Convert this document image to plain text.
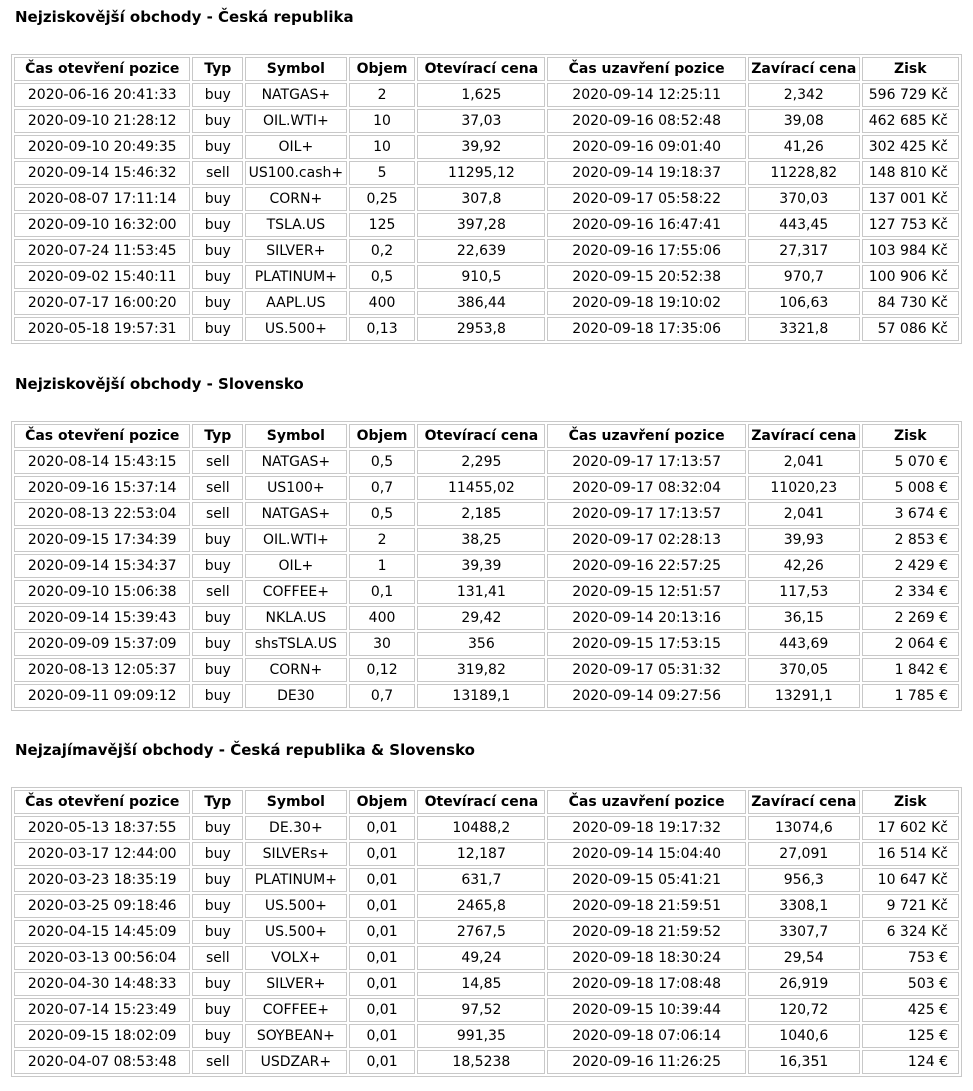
Nejziskovější obchody - Česká republika
Čas otevření pozice	Typ	Symbol	Objem	Otevírací cena	Čas uzavření pozice	Zavírací cena	Zisk
2020-06-16 20:41:33	buy	NATGAS+	2	1,625	2020-09-14 12:25:11	2,342	596 729 Kč
2020-09-10 21:28:12	buy	OIL.WTI+	10	37,03	2020-09-16 08:52:48	39,08	462 685 Kč
2020-09-10 20:49:35	buy	OIL+	10	39,92	2020-09-16 09:01:40	41,26	302 425 Kč
2020-09-14 15:46:32	sell	US100.cash+	5	11295,12	2020-09-14 19:18:37	11228,82	148 810 Kč
2020-08-07 17:11:14	buy	CORN+	0,25	307,8	2020-09-17 05:58:22	370,03	137 001 Kč
2020-09-10 16:32:00	buy	TSLA.US	125	397,28	2020-09-16 16:47:41	443,45	127 753 Kč
2020-07-24 11:53:45	buy	SILVER+	0,2	22,639	2020-09-16 17:55:06	27,317	103 984 Kč
2020-09-02 15:40:11	buy	PLATINUM+	0,5	910,5	2020-09-15 20:52:38	970,7	100 906 Kč
2020-07-17 16:00:20	buy	AAPL.US	400	386,44	2020-09-18 19:10:02	106,63	84 730 Kč
2020-05-18 19:57:31	buy	US.500+	0,13	2953,8	2020-09-18 17:35:06	3321,8	57 086 Kč
Nejziskovější obchody - Slovensko
Čas otevření pozice	Typ	Symbol	Objem	Otevírací cena	Čas uzavření pozice	Zavírací cena	Zisk
2020-08-14 15:43:15	sell	NATGAS+	0,5	2,295	2020-09-17 17:13:57	2,041	5 070 €
2020-09-16 15:37:14	sell	US100+	0,7	11455,02	2020-09-17 08:32:04	11020,23	5 008 €
2020-08-13 22:53:04	sell	NATGAS+	0,5	2,185	2020-09-17 17:13:57	2,041	3 674 €
2020-09-15 17:34:39	buy	OIL.WTI+	2	38,25	2020-09-17 02:28:13	39,93	2 853 €
2020-09-14 15:34:37	buy	OIL+	1	39,39	2020-09-16 22:57:25	42,26	2 429 €
2020-09-10 15:06:38	sell	COFFEE+	0,1	131,41	2020-09-15 12:51:57	117,53	2 334 €
2020-09-14 15:39:43	buy	NKLA.US	400	29,42	2020-09-14 20:13:16	36,15	2 269 €
2020-09-09 15:37:09	buy	shsTSLA.US	30	356	2020-09-15 17:53:15	443,69	2 064 €
2020-08-13 12:05:37	buy	CORN+	0,12	319,82	2020-09-17 05:31:32	370,05	1 842 €
2020-09-11 09:09:12	buy	DE30	0,7	13189,1	2020-09-14 09:27:56	13291,1	1 785 €
Nejzajímavější obchody - Česká republika & Slovensko
Čas otevření pozice	Typ	Symbol	Objem	Otevírací cena	Čas uzavření pozice	Zavírací cena	Zisk
2020-05-13 18:37:55	buy	DE.30+	0,01	10488,2	2020-09-18 19:17:32	13074,6	17 602 Kč
2020-03-17 12:44:00	buy	SILVERs+	0,01	12,187	2020-09-14 15:04:40	27,091	16 514 Kč
2020-03-23 18:35:19	buy	PLATINUM+	0,01	631,7	2020-09-15 05:41:21	956,3	10 647 Kč
2020-03-25 09:18:46	buy	US.500+	0,01	2465,8	2020-09-18 21:59:51	3308,1	9 721 Kč
2020-04-15 14:45:09	buy	US.500+	0,01	2767,5	2020-09-18 21:59:52	3307,7	6 324 Kč
2020-03-13 00:56:04	sell	VOLX+	0,01	49,24	2020-09-18 18:30:24	29,54	753 €
2020-04-30 14:48:33	buy	SILVER+	0,01	14,85	2020-09-18 17:08:48	26,919	503 €
2020-07-14 15:23:49	buy	COFFEE+	0,01	97,52	2020-09-15 10:39:44	120,72	425 €
2020-09-15 18:02:09	buy	SOYBEAN+	0,01	991,35	2020-09-18 07:06:14	1040,6	125 €
2020-04-07 08:53:48	sell	USDZAR+	0,01	18,5238	2020-09-16 11:26:25	16,351	124 €
